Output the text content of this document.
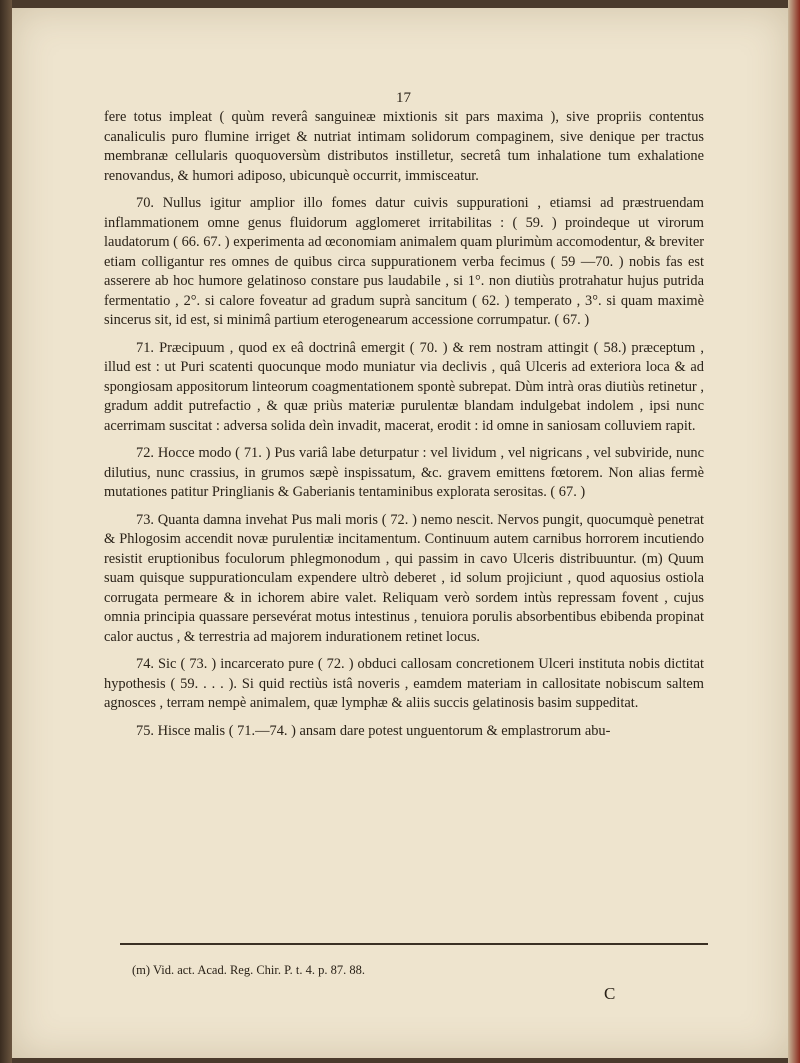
17

fere totus impleat ( quùm reverâ sanguineæ mixtionis sit pars maxima ), sive propriis contentus canaliculis puro flumine irriget & nutriat intimam solidorum compaginem, sive denique per tractus membranæ cellularis quoquoversùm distributos instilletur, secretâ tum inhalatione tum exhalatione renovandus, & humori adiposo, ubicunquè occurrit, immisceatur.

70. Nullus igitur amplior illo fomes datur cuivis suppurationi , etiamsi ad præstruendam inflammationem omne genus fluidorum agglomeret irritabilitas : ( 59. ) proindeque ut virorum laudatorum ( 66. 67. ) experimenta ad œconomiam animalem quam plurimùm accomodentur, & breviter etiam colligantur res omnes de quibus circa suppurationem verba fecimus ( 59 —70. ) nobis fas est asserere ab hoc humore gelatinoso constare pus laudabile , si 1°. non diutiùs protrahatur hujus putrida fermentatio , 2°. si calore foveatur ad gradum suprà sancitum ( 62. ) temperato , 3°. si quam maximè sincerus sit, id est, si minimâ partium eterogenearum accessione corrumpatur. ( 67. )

71. Præcipuum , quod ex eâ doctrinâ emergit ( 70. ) & rem nostram attingit ( 58.) præceptum , illud est : ut Puri scatenti quocunque modo muniatur via declivis , quâ Ulceris ad exteriora loca & ad spongiosam appositorum linteorum coagmentationem spontè subrepat. Dùm intrà oras diutiùs retinetur , gradum addit putrefactio , & quæ priùs materiæ purulentæ blandam indulgebat indolem , ipsi nunc acerrimam suscitat : adversa solida deìn invadit, macerat, erodit : id omne in saniosam colluviem rapit.

72. Hocce modo ( 71. ) Pus variâ labe deturpatur : vel lividum , vel nigricans , vel subviride, nunc dilutius, nunc crassius, in grumos sæpè inspissatum, &c. gravem emittens fœtorem. Non alias fermè mutationes patitur Pringlianis & Gaberianis tentaminibus explorata serositas. ( 67. )

73. Quanta damna invehat Pus mali moris ( 72. ) nemo nescit. Nervos pungit, quocumquè penetrat & Phlogosim accendit novæ purulentiæ incitamentum. Continuum autem carnibus horrorem incutiendo resistit eruptionibus foculorum phlegmonodum , qui passim in cavo Ulceris distribuuntur. (m) Quum suam quisque suppurationculam expendere ultrò deberet , id solum projiciunt , quod aquosius ostiola corrugata permeare & in ichorem abire valet. Reliquam verò sordem intùs repressam fovent , cujus omnia principia quassare persevérat motus intestinus , tenuiora porulis absorbentibus ebibenda propinat calor auctus , & terrestria ad majorem indurationem retinet locus.

74. Sic ( 73. ) incarcerato pure ( 72. ) obduci callosam concretionem Ulceri instituta nobis dictitat hypothesis ( 59. . . . ). Si quid rectiùs istâ noveris , eamdem materiam in callositate nobiscum saltem agnosces , terram nempè animalem, quæ lymphæ & aliis succis gelatinosis basim suppeditat.

75. Hisce malis ( 71.—74. ) ansam dare potest unguentorum & emplastrorum abu-

(m) Vid. act. Acad. Reg. Chir. P. t. 4. p. 87. 88.
C
